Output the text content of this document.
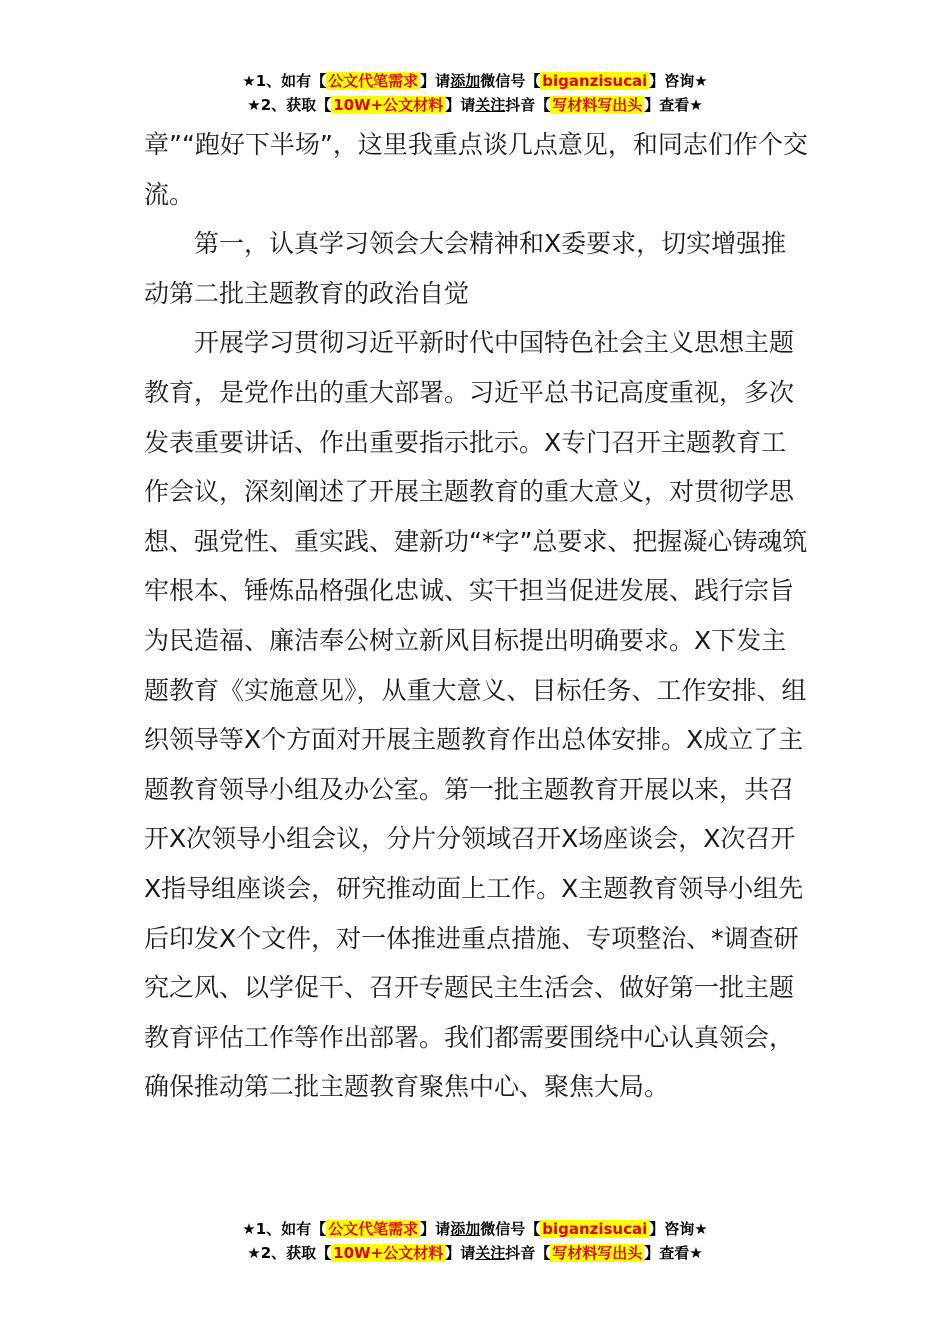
★1、如有【 公文代笔需求 】请添加微信号【 biganzisucai 】咨询★
★2、获取【 10W+公文材料 】请关注抖音【 写材料写出头 】查看★

章”“跑好下半场”，这里我重点谈几点意见，和同志们作个交流。

第一，认真学习领会大会精神和X委要求，切实增强推动第二批主题教育的政治自觉

开展学习贯彻习近平新时代中国特色社会主义思想主题教育，是党作出的重大部署。习近平总书记高度重视，多次发表重要讲话、作出重要指示批示。X专门召开主题教育工作会议，深刻阐述了开展主题教育的重大意义，对贯彻学思想、强党性、重实践、建新功“*字”总要求、把握凝心铸魂筑牢根本、锤炼品格强化忠诚、实干担当促进发展、践行宗旨为民造福、廉洁奉公树立新风目标提出明确要求。X下发主题教育《实施意见》，从重大意义、目标任务、工作安排、组织领导等X个方面对开展主题教育作出总体安排。X成立了主题教育领导小组及办公室。第一批主题教育开展以来，共召开X次领导小组会议，分片分领域召开X场座谈会，X次召开X指导组座谈会，研究推动面上工作。X主题教育领导小组先后印发X个文件，对一体推进重点措施、专项整治、*调查研究之风、以学促干、召开专题民主生活会、做好第一批主题教育评估工作等作出部署。我们都需要围绕中心认真领会，确保推动第二批主题教育聚焦中心、聚焦大局。

★1、如有【 公文代笔需求 】请添加微信号【 biganzisucai 】咨询★
★2、获取【 10W+公文材料 】请关注抖音【 写材料写出头 】查看★
